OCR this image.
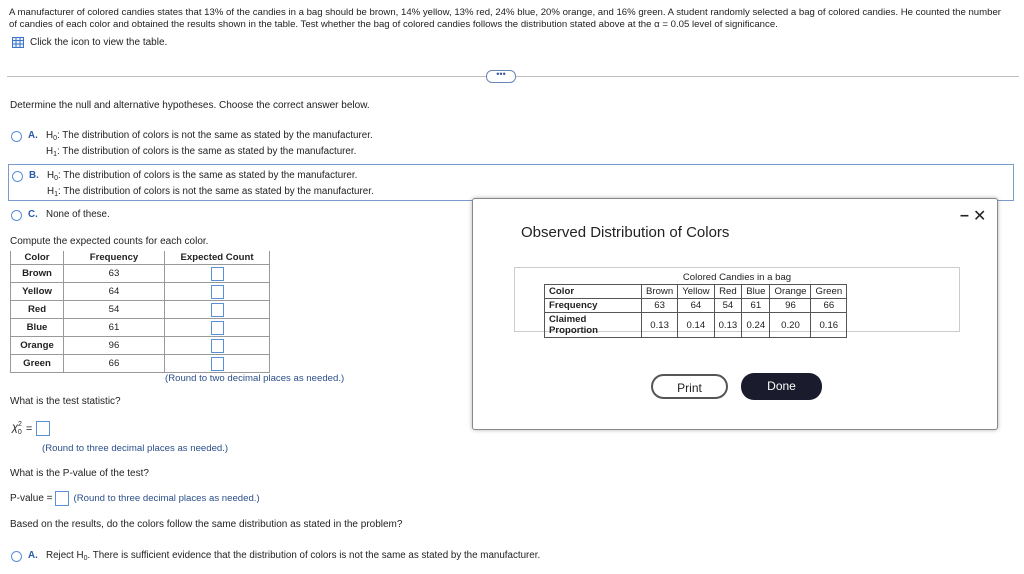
A manufacturer of colored candies states that 13% of the candies in a bag should be brown, 14% yellow, 13% red, 24% blue, 20% orange, and 16% green. A student randomly selected a bag of colored candies. He counted the number of candies of each color and obtained the results shown in the table. Test whether the bag of colored candies follows the distribution stated above at the α = 0.05 level of significance.
Click the icon to view the table.
•••
Determine the null and alternative hypotheses. Choose the correct answer below.
A. $H_0$: The distribution of colors is not the same as stated by the manufacturer.
$H_1$: The distribution of colors is the same as stated by the manufacturer.
B. $H_0$: The distribution of colors is the same as stated by the manufacturer.
$H_1$: The distribution of colors is not the same as stated by the manufacturer.
C. None of these.
Compute the expected counts for each color.
Color	Frequency	Expected Count
Brown	63	
Yellow	64	
Red	54	
Blue	61	
Orange	96	
Green	66	
(Round to two decimal places as needed.)
What is the test statistic?
$\chi^2_0$ =
(Round to three decimal places as needed.)
What is the P-value of the test?
P-value = (Round to three decimal places as needed.)
Based on the results, do the colors follow the same distribution as stated in the problem?
A. Reject $H_0$. There is sufficient evidence that the distribution of colors is not the same as stated by the manufacturer.
Observed Distribution of Colors
– ✕
Colored Candies in a bag
Color	Brown	Yellow	Red	Blue	Orange	Green
Frequency	63	64	54	61	96	66
Claimed Proportion	0.13	0.14	0.13	0.24	0.20	0.16
Print	Done
